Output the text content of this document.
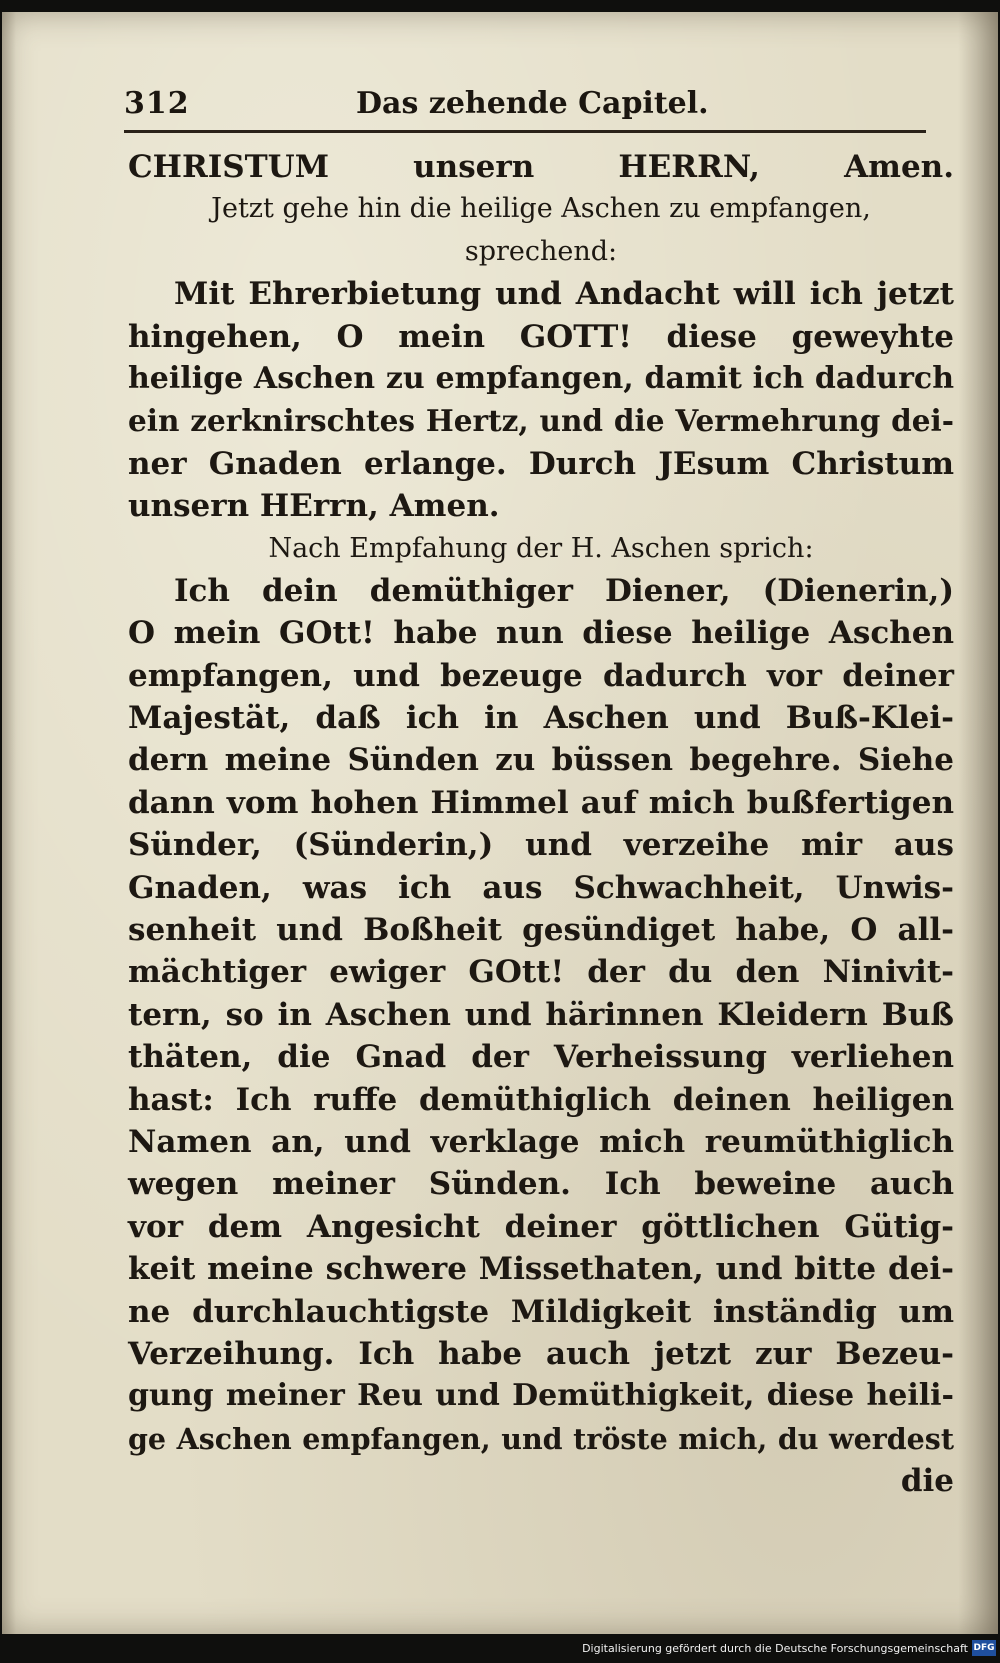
312	Das zehende Capitel.
CHRISTUM unsern HERRN, Amen.
Jetzt gehe hin die heilige Aschen zu empfangen,
sprechend:
Mit Ehrerbietung und Andacht will ich jetzt
hingehen, O mein GOTT! diese geweyhte
heilige Aschen zu empfangen, damit ich dadurch
ein zerknirschtes Hertz, und die Vermehrung dei-
ner Gnaden erlange. Durch JEsum Christum
unsern HErrn, Amen.
Nach Empfahung der H. Aschen sprich:
Ich dein demüthiger Diener, (Dienerin,)
O mein GOtt! habe nun diese heilige Aschen
empfangen, und bezeuge dadurch vor deiner
Majestät, daß ich in Aschen und Buß-Klei-
dern meine Sünden zu büssen begehre. Siehe
dann vom hohen Himmel auf mich bußfertigen
Sünder, (Sünderin,) und verzeihe mir aus
Gnaden, was ich aus Schwachheit, Unwis-
senheit und Boßheit gesündiget habe, O all-
mächtiger ewiger GOtt! der du den Ninivit-
tern, so in Aschen und härinnen Kleidern Buß
thäten, die Gnad der Verheissung verliehen
hast: Ich ruffe demüthiglich deinen heiligen
Namen an, und verklage mich reumüthiglich
wegen meiner Sünden. Ich beweine auch
vor dem Angesicht deiner göttlichen Gütig-
keit meine schwere Missethaten, und bitte dei-
ne durchlauchtigste Mildigkeit inständig um
Verzeihung. Ich habe auch jetzt zur Bezeu-
gung meiner Reu und Demüthigkeit, diese heili-
ge Aschen empfangen, und tröste mich, du werdest
die
Digitalisierung gefördert durch die Deutsche Forschungsgemeinschaft DFG
